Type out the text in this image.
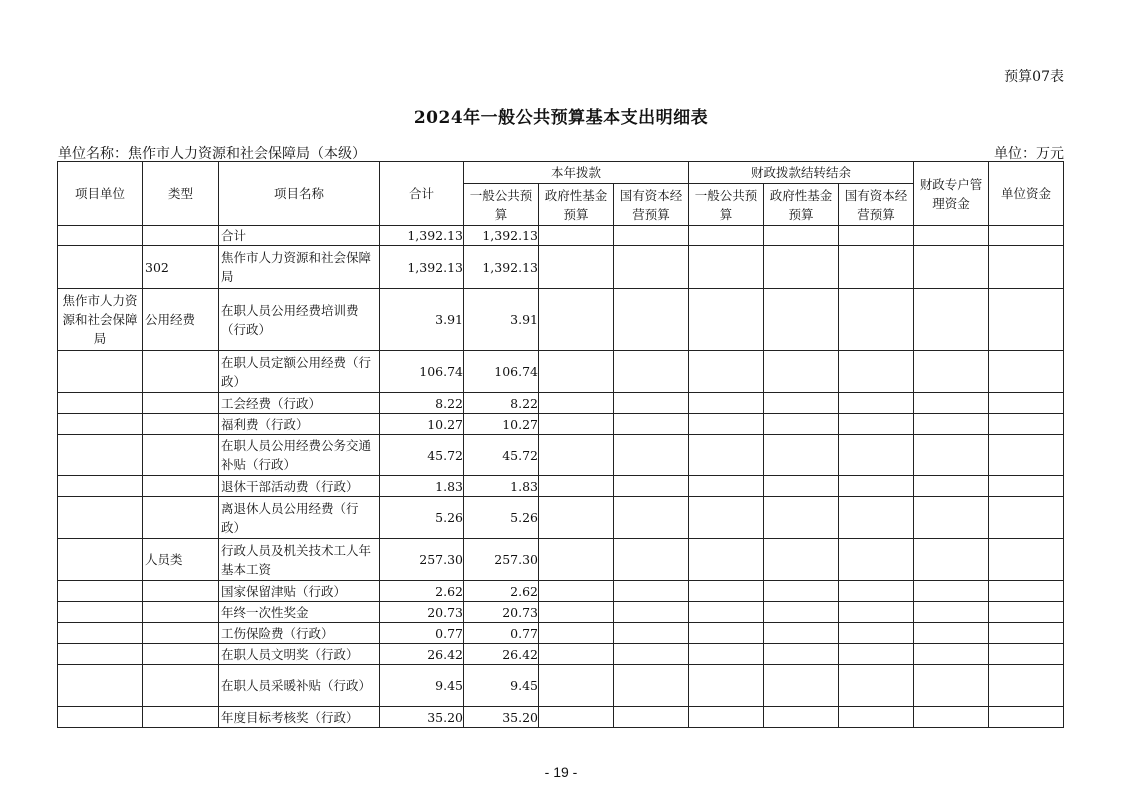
预算07表
2024年一般公共预算基本支出明细表
单位名称：焦作市人力资源和社会保障局（本级）	单位：万元
项目单位	类型	项目名称	合计	本年拨款			财政拨款结转结余			财政专户管理资金	单位资金
				一般公共预算	政府性基金预算	国有资本经营预算	一般公共预算	政府性基金预算	国有资本经营预算		
		合计	1,392.13	1,392.13							
	302	焦作市人力资源和社会保障局	1,392.13	1,392.13							
焦作市人力资源和社会保障局	公用经费	在职人员公用经费培训费（行政）	3.91	3.91							
		在职人员定额公用经费（行政）	106.74	106.74							
		工会经费（行政）	8.22	8.22							
		福利费（行政）	10.27	10.27							
		在职人员公用经费公务交通补贴（行政）	45.72	45.72							
		退休干部活动费（行政）	1.83	1.83							
		离退休人员公用经费（行政）	5.26	5.26							
	人员类	行政人员及机关技术工人年基本工资	257.30	257.30							
		国家保留津贴（行政）	2.62	2.62							
		年终一次性奖金	20.73	20.73							
		工伤保险费（行政）	0.77	0.77							
		在职人员文明奖（行政）	26.42	26.42							
		在职人员采暖补贴（行政）	9.45	9.45							
		年度目标考核奖（行政）	35.20	35.20							
- 19 -
